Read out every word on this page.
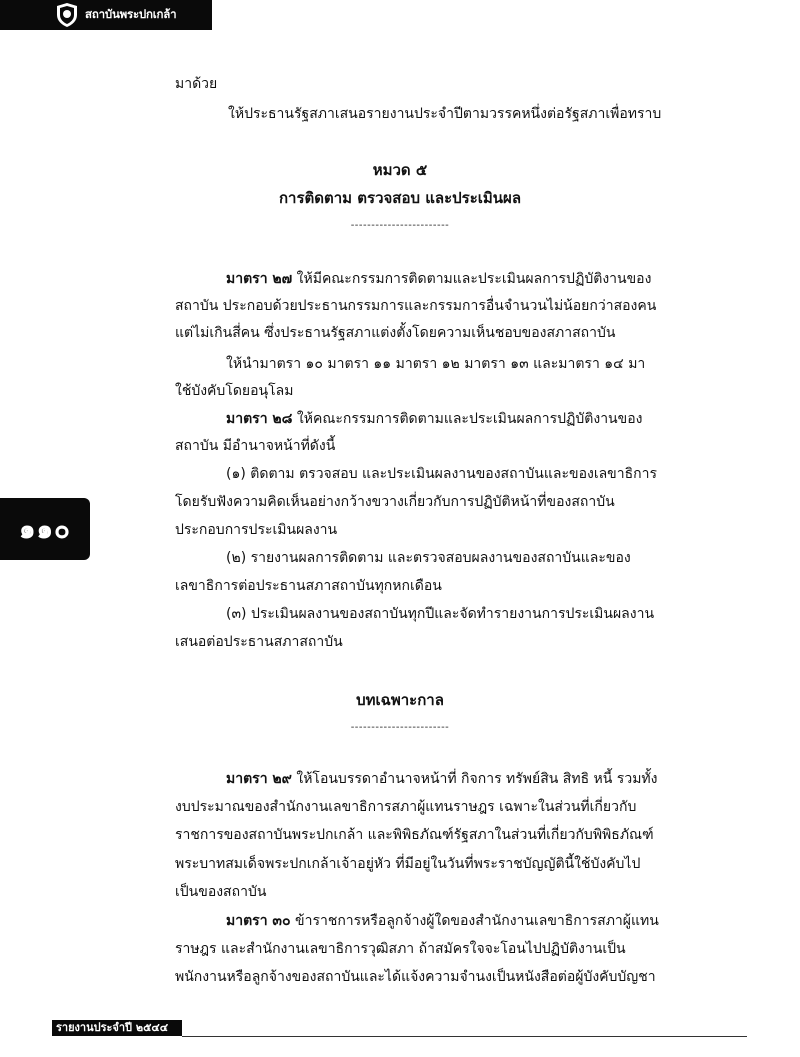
สถาบันพระปกเกล้า
มาด้วย
ให้ประธานรัฐสภาเสนอรายงานประจำปีตามวรรคหนึ่งต่อรัฐสภาเพื่อทราบ
หมวด ๕
การติดตาม ตรวจสอบ และประเมินผล
------------------------
มาตรา ๒๗ ให้มีคณะกรรมการติดตามและประเมินผลการปฏิบัติงานของ
สถาบัน ประกอบด้วยประธานกรรมการและกรรมการอื่นจำนวนไม่น้อยกว่าสองคน
แต่ไม่เกินสี่คน ซึ่งประธานรัฐสภาแต่งตั้งโดยความเห็นชอบของสภาสถาบัน
ให้นำมาตรา ๑๐ มาตรา ๑๑ มาตรา ๑๒ มาตรา ๑๓ และมาตรา ๑๔ มา
ใช้บังคับโดยอนุโลม
มาตรา ๒๘ ให้คณะกรรมการติดตามและประเมินผลการปฏิบัติงานของ
สถาบัน มีอำนาจหน้าที่ดังนี้
(๑) ติดตาม ตรวจสอบ และประเมินผลงานของสถาบันและของเลขาธิการ
โดยรับฟังความคิดเห็นอย่างกว้างขวางเกี่ยวกับการปฏิบัติหน้าที่ของสถาบัน
ประกอบการประเมินผลงาน
(๒) รายงานผลการติดตาม และตรวจสอบผลงานของสถาบันและของ
เลขาธิการต่อประธานสภาสถาบันทุกหกเดือน
(๓) ประเมินผลงานของสถาบันทุกปีและจัดทำรายงานการประเมินผลงาน
เสนอต่อประธานสภาสถาบัน
๑๑๐
บทเฉพาะกาล
------------------------
มาตรา ๒๙ ให้โอนบรรดาอำนาจหน้าที่ กิจการ ทรัพย์สิน สิทธิ หนี้ รวมทั้ง
งบประมาณของสำนักงานเลขาธิการสภาผู้แทนราษฎร เฉพาะในส่วนที่เกี่ยวกับ
ราชการของสถาบันพระปกเกล้า และพิพิธภัณฑ์รัฐสภาในส่วนที่เกี่ยวกับพิพิธภัณฑ์
พระบาทสมเด็จพระปกเกล้าเจ้าอยู่หัว ที่มีอยู่ในวันที่พระราชบัญญัตินี้ใช้บังคับไป
เป็นของสถาบัน
มาตรา ๓๐ ข้าราชการหรือลูกจ้างผู้ใดของสำนักงานเลขาธิการสภาผู้แทน
ราษฎร และสำนักงานเลขาธิการวุฒิสภา ถ้าสมัครใจจะโอนไปปฏิบัติงานเป็น
พนักงานหรือลูกจ้างของสถาบันและได้แจ้งความจำนงเป็นหนังสือต่อผู้บังคับบัญชา
รายงานประจำปี ๒๕๔๔
